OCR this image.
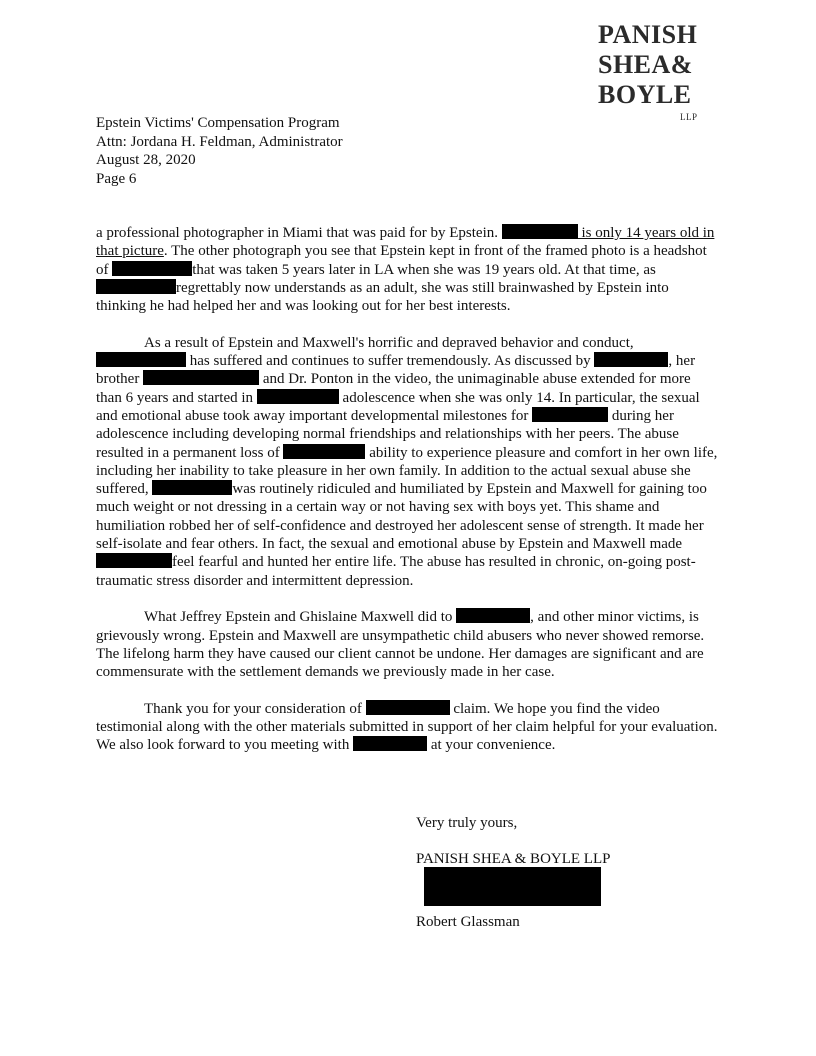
PANISH
SHEA&
BOYLE
LLP
Epstein Victims' Compensation Program
Attn: Jordana H. Feldman, Administrator
August 28, 2020
Page 6

a professional photographer in Miami that was paid for by Epstein.	is only 14 years old in that picture. The other photograph you see that Epstein kept in front of the framed photo is a headshot of	that was taken 5 years later in LA when she was 19 years old. At that time, as regrettably now understands as an adult, she was still brainwashed by Epstein into thinking he had helped her and was looking out for her best interests.

As a result of Epstein and Maxwell's horrific and depraved behavior and conduct,  has suffered and continues to suffer tremendously. As discussed by	, her brother	and Dr. Ponton in the video, the unimaginable abuse extended for more than 6 years and started in	adolescence when she was only 14. In particular, the sexual and emotional abuse took away important developmental milestones for	during her adolescence including developing normal friendships and relationships with her peers. The abuse resulted in a permanent loss of	ability to experience pleasure and comfort in her own life, including her inability to take pleasure in her own family. In addition to the actual sexual abuse she suffered,	was routinely ridiculed and humiliated by Epstein and Maxwell for gaining too much weight or not dressing in a certain way or not having sex with boys yet. This shame and humiliation robbed her of self-confidence and destroyed her adolescent sense of strength. It made her self-isolate and fear others. In fact, the sexual and emotional abuse by Epstein and Maxwell made feel fearful and hunted her entire life. The abuse has resulted in chronic, on-going post-traumatic stress disorder and intermittent depression.

What Jeffrey Epstein and Ghislaine Maxwell did to	, and other minor victims, is grievously wrong. Epstein and Maxwell are unsympathetic child abusers who never showed remorse. The lifelong harm they have caused our client cannot be undone. Her damages are significant and are commensurate with the settlement demands we previously made in her case.

Thank you for your consideration of	claim. We hope you find the video testimonial along with the other materials submitted in support of her claim helpful for your evaluation. We also look forward to you meeting with	at your convenience.

Very truly yours,
PANISH SHEA & BOYLE LLP
Robert Glassman
